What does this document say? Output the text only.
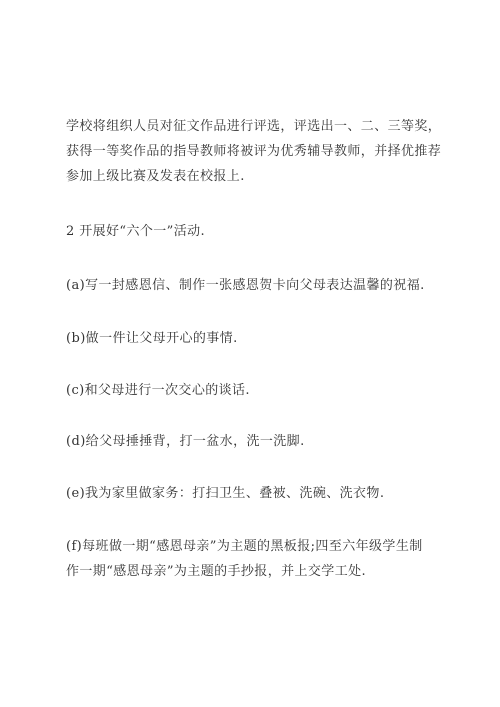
学校将组织人员对征文作品进行评选，评选出一、二、三等奖，
获得一等奖作品的指导教师将被评为优秀辅导教师，并择优推荐
参加上级比赛及发表在校报上.

2 开展好“六个一”活动.

(a)写一封感恩信、制作一张感恩贺卡向父母表达温馨的祝福.

(b)做一件让父母开心的事情.

(c)和父母进行一次交心的谈话.

(d)给父母捶捶背，打一盆水，洗一洗脚.

(e)我为家里做家务：打扫卫生、叠被、洗碗、洗衣物.

(f)每班做一期“感恩母亲”为主题的黑板报;四至六年级学生制
作一期“感恩母亲”为主题的手抄报，并上交学工处.
